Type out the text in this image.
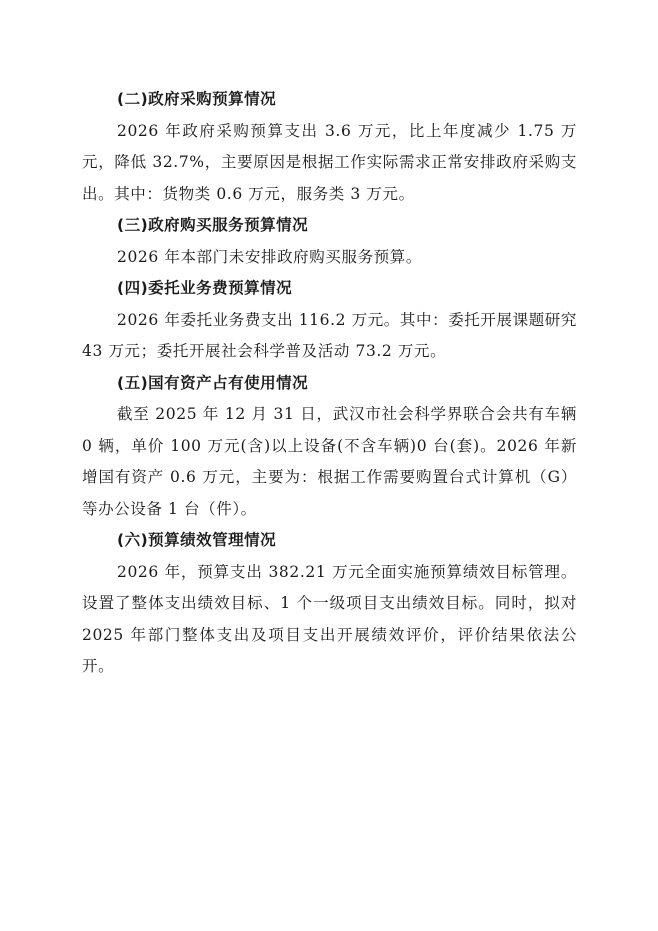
(二)政府采购预算情况

2026 年政府采购预算支出 3.6 万元，比上年度减少 1.75 万元，降低 32.7%，主要原因是根据工作实际需求正常安排政府采购支出。其中：货物类 0.6 万元，服务类 3 万元。

(三)政府购买服务预算情况

2026 年本部门未安排政府购买服务预算。

(四)委托业务费预算情况

2026 年委托业务费支出 116.2 万元。其中：委托开展课题研究 43 万元；委托开展社会科学普及活动 73.2 万元。

(五)国有资产占有使用情况

截至 2025 年 12 月 31 日，武汉市社会科学界联合会共有车辆 0 辆，单价 100 万元(含)以上设备(不含车辆)0 台(套)。2026 年新增国有资产 0.6 万元，主要为：根据工作需要购置台式计算机（G）等办公设备 1 台（件）。

(六)预算绩效管理情况

2026 年，预算支出 382.21 万元全面实施预算绩效目标管理。设置了整体支出绩效目标、1 个一级项目支出绩效目标。同时，拟对 2025 年部门整体支出及项目支出开展绩效评价，评价结果依法公开。
